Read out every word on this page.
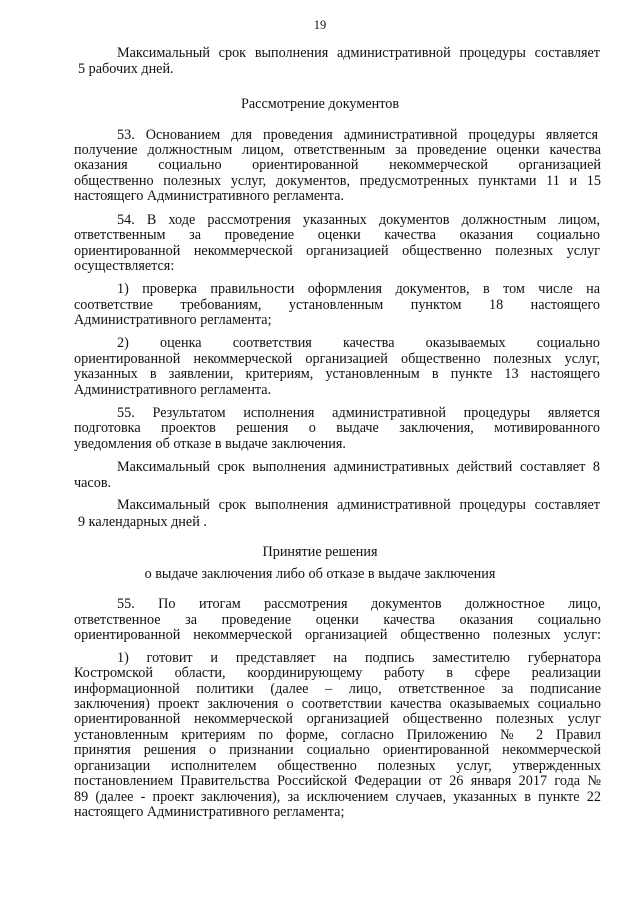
19
Максимальный срок выполнения административной процедуры составляет
5 рабочих дней.
Рассмотрение документов
53. Основанием для проведения административной процедуры является
получение должностным лицом, ответственным за проведение оценки качества
оказания социально ориентированной некоммерческой организацией
общественно полезных услуг, документов, предусмотренных пунктами 11 и 15
настоящего Административного регламента.
54. В ходе рассмотрения указанных документов должностным лицом,
ответственным за проведение оценки качества оказания социально
ориентированной некоммерческой организацией общественно полезных услуг
осуществляется:
1) проверка правильности оформления документов, в том числе на
соответствие требованиям, установленным пунктом 18 настоящего
Административного регламента;
2) оценка соответствия качества оказываемых социально
ориентированной некоммерческой организацией общественно полезных услуг,
указанных в заявлении, критериям, установленным в пункте 13 настоящего
Административного регламента.
55. Результатом исполнения административной процедуры является
подготовка проектов решения о выдаче заключения, мотивированного
уведомления об отказе в выдаче заключения.
Максимальный срок выполнения административных действий составляет 8
часов.
Максимальный срок выполнения административной процедуры составляет
9 календарных дней .
Принятие решения
о выдаче заключения либо об отказе в выдаче заключения
55. По итогам рассмотрения документов должностное лицо,
ответственное за проведение оценки качества оказания социально
ориентированной некоммерческой организацией общественно полезных услуг:
1) готовит и представляет на подпись заместителю губернатора
Костромской области, координирующему работу в сфере реализации
информационной политики (далее – лицо, ответственное за подписание
заключения) проект заключения о соответствии качества оказываемых социально
ориентированной некоммерческой организацией общественно полезных услуг
установленным критериям по форме, согласно Приложению № 2 Правил
принятия решения о признании социально ориентированной некоммерческой
организации исполнителем общественно полезных услуг, утвержденных
постановлением Правительства Российской Федерации от 26 января 2017 года №
89 (далее - проект заключения), за исключением случаев, указанных в пункте 22
настоящего Административного регламента;
